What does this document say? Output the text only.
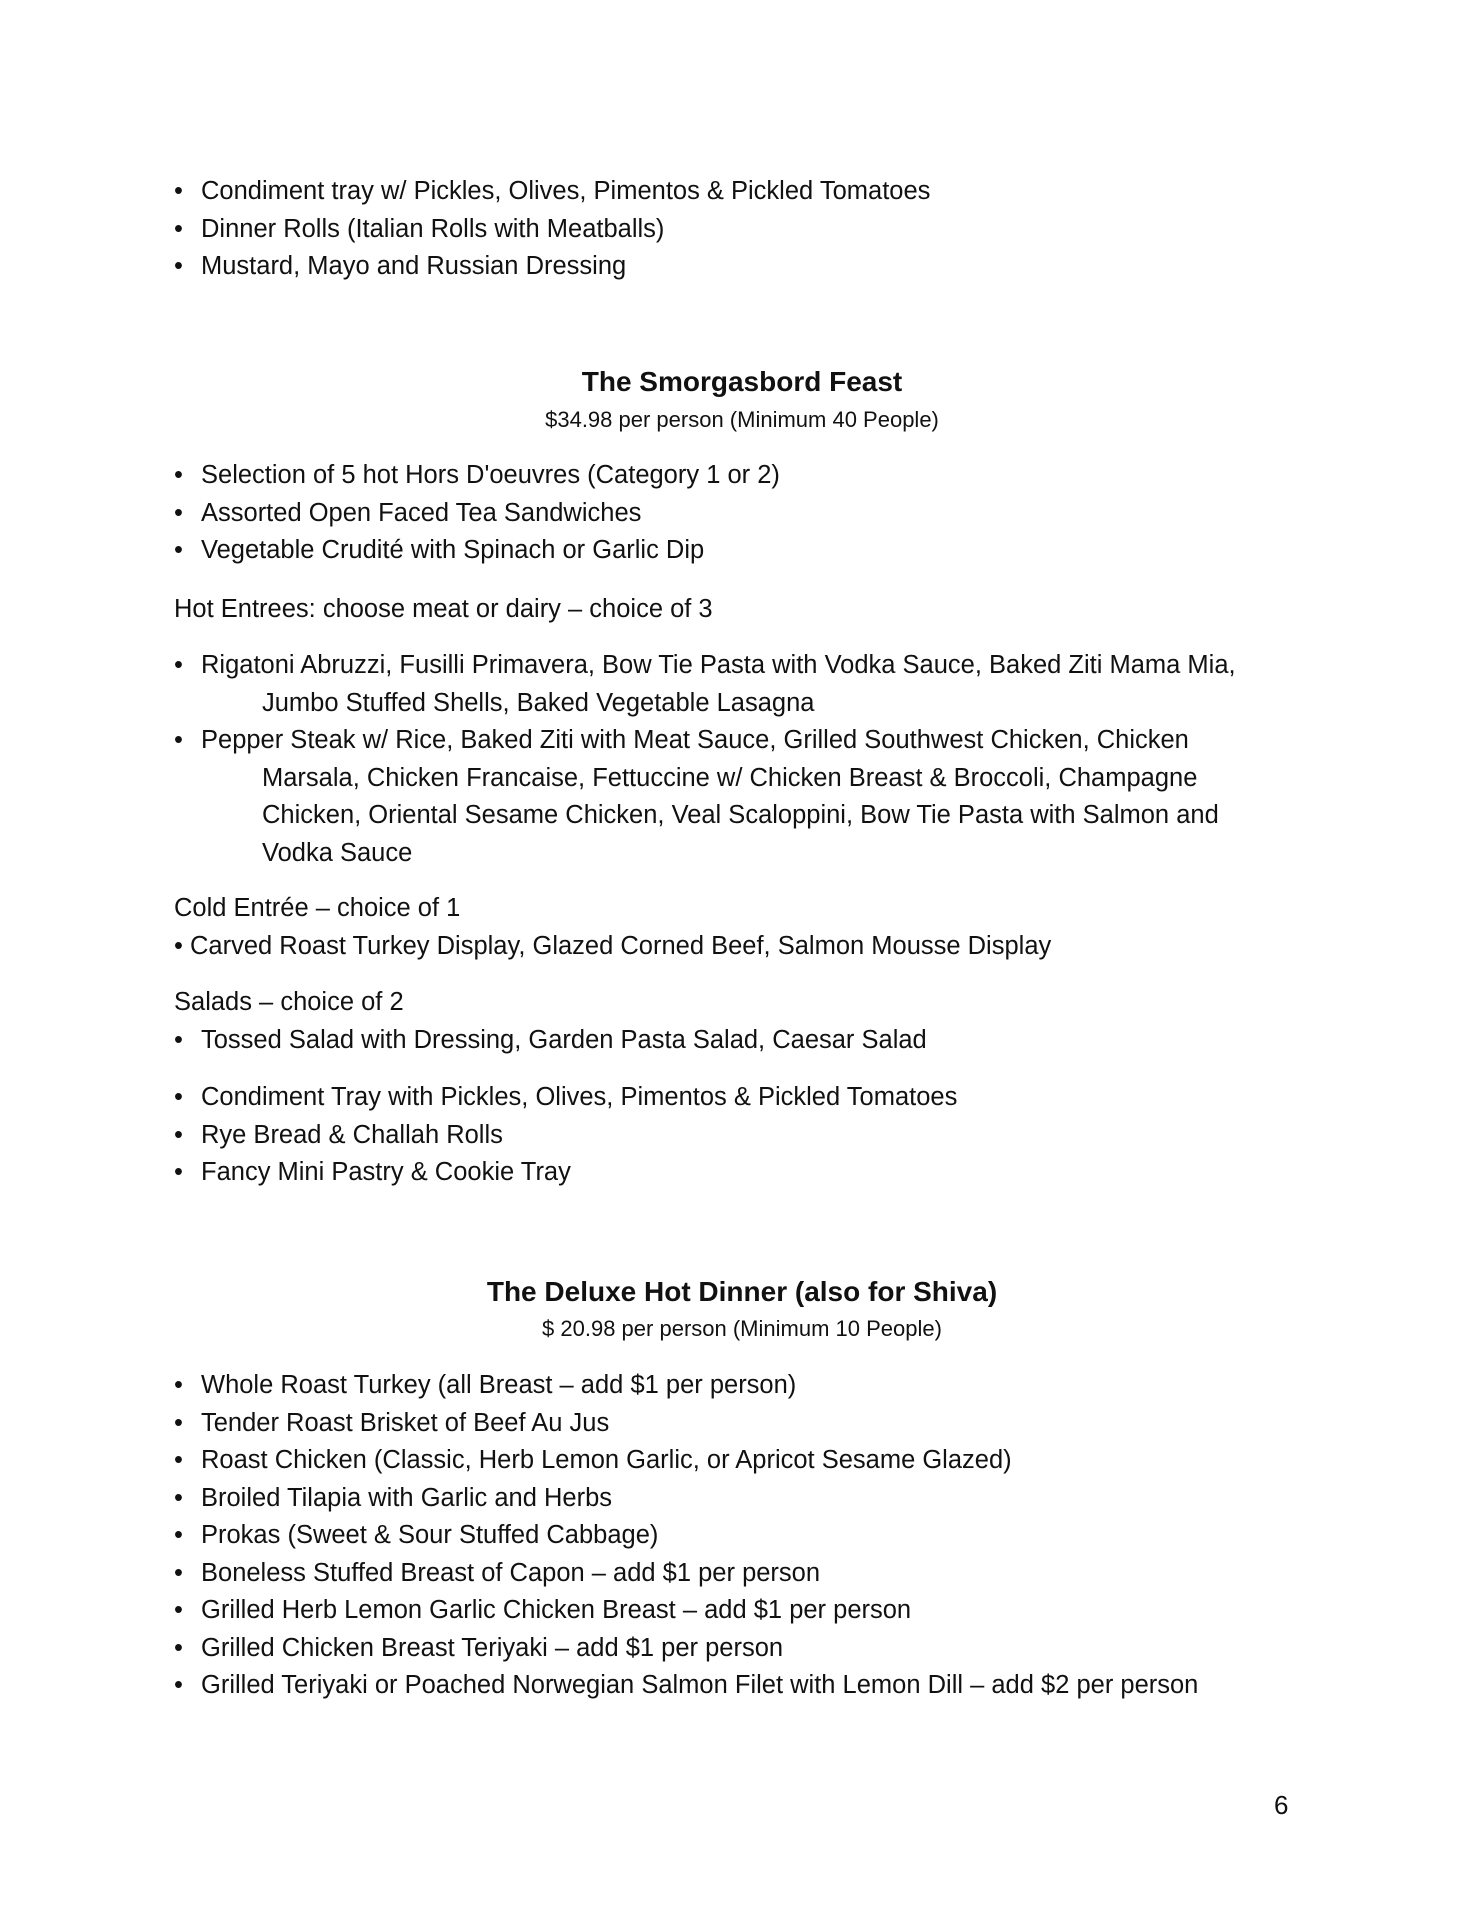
• Condiment tray w/ Pickles, Olives, Pimentos & Pickled Tomatoes
• Dinner Rolls (Italian Rolls with Meatballs)
• Mustard, Mayo and Russian Dressing
The Smorgasbord Feast
$34.98 per person (Minimum 40 People)
• Selection of 5 hot Hors D'oeuvres (Category 1 or 2)
• Assorted Open Faced Tea Sandwiches
• Vegetable Crudité with Spinach or Garlic Dip
Hot Entrees: choose meat or dairy – choice of 3
• Rigatoni Abruzzi, Fusilli Primavera, Bow Tie Pasta with Vodka Sauce, Baked Ziti Mama Mia,
Jumbo Stuffed Shells, Baked Vegetable Lasagna
• Pepper Steak w/ Rice, Baked Ziti with Meat Sauce, Grilled Southwest Chicken, Chicken
Marsala, Chicken Francaise, Fettuccine w/ Chicken Breast & Broccoli, Champagne Chicken, Oriental Sesame Chicken, Veal Scaloppini, Bow Tie Pasta with Salmon and Vodka Sauce
Cold Entrée – choice of 1
• Carved Roast Turkey Display, Glazed Corned Beef, Salmon Mousse Display
Salads – choice of 2
• Tossed Salad with Dressing, Garden Pasta Salad, Caesar Salad
• Condiment Tray with Pickles, Olives, Pimentos & Pickled Tomatoes
• Rye Bread & Challah Rolls
• Fancy Mini Pastry & Cookie Tray
The Deluxe Hot Dinner (also for Shiva)
$ 20.98 per person (Minimum 10 People)
• Whole Roast Turkey (all Breast – add $1 per person)
• Tender Roast Brisket of Beef Au Jus
• Roast Chicken (Classic, Herb Lemon Garlic, or Apricot Sesame Glazed)
• Broiled Tilapia with Garlic and Herbs
• Prokas (Sweet & Sour Stuffed Cabbage)
• Boneless Stuffed Breast of Capon – add $1 per person
• Grilled Herb Lemon Garlic Chicken Breast – add $1 per person
• Grilled Chicken Breast Teriyaki – add $1 per person
• Grilled Teriyaki or Poached Norwegian Salmon Filet with Lemon Dill – add $2 per person
6
